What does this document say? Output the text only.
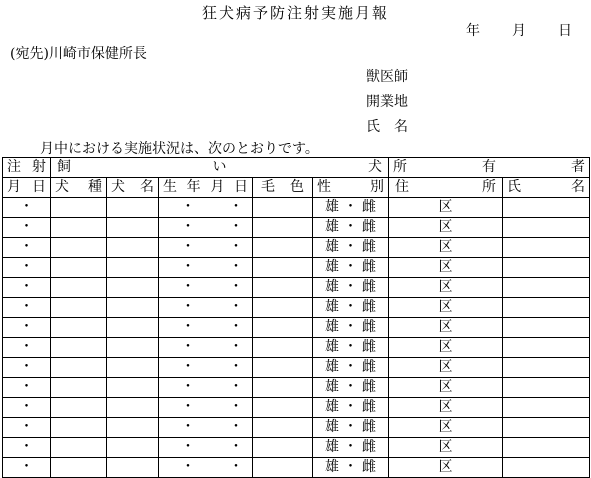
狂犬病予防注射実施月報
年 月 日
(宛先)川崎市保健所長
獣医師
開業地
氏　名
月中における実施状況は、次のとおりです。
注射	飼 い 犬					所　有　者	
月日	犬種	犬名	生年月日	毛色	性別	住 所	氏名
・			・ ・		雄 ・ 雌	区	
・			・ ・		雄 ・ 雌	区	
・			・ ・		雄 ・ 雌	区	
・			・ ・		雄 ・ 雌	区	
・			・ ・		雄 ・ 雌	区	
・			・ ・		雄 ・ 雌	区	
・			・ ・		雄 ・ 雌	区	
・			・ ・		雄 ・ 雌	区	
・			・ ・		雄 ・ 雌	区	
・			・ ・		雄 ・ 雌	区	
・			・ ・		雄 ・ 雌	区	
・			・ ・		雄 ・ 雌	区	
・			・ ・		雄 ・ 雌	区	
・			・ ・		雄 ・ 雌	区	
